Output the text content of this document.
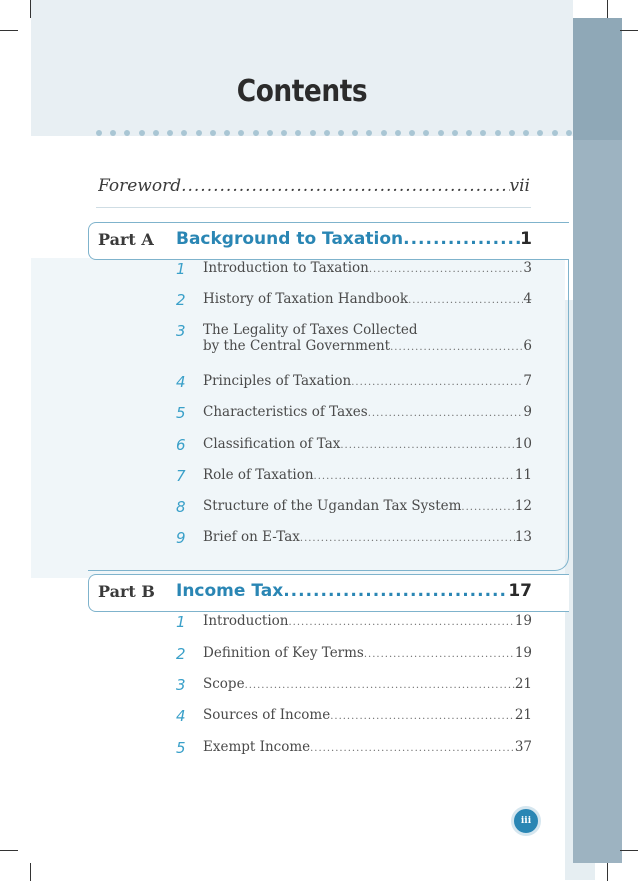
Contents
Foreword .....	vii
Part A Background to Taxation .....	1
1 Introduction to Taxation .....	3
2 History of Taxation Handbook .....	4
3 The Legality of Taxes Collected
by the Central Government .....	6
4 Principles of Taxation .....	7
5 Characteristics of Taxes .....	9
6 Classification of Tax .....	10
7 Role of Taxation .....	11
8 Structure of the Ugandan Tax System .....	12
9 Brief on E-Tax .....	13
Part B Income Tax .....	17
1 Introduction .....	19
2 Definition of Key Terms .....	19
3 Scope .....	21
4 Sources of Income .....	21
5 Exempt Income .....	37
iii
